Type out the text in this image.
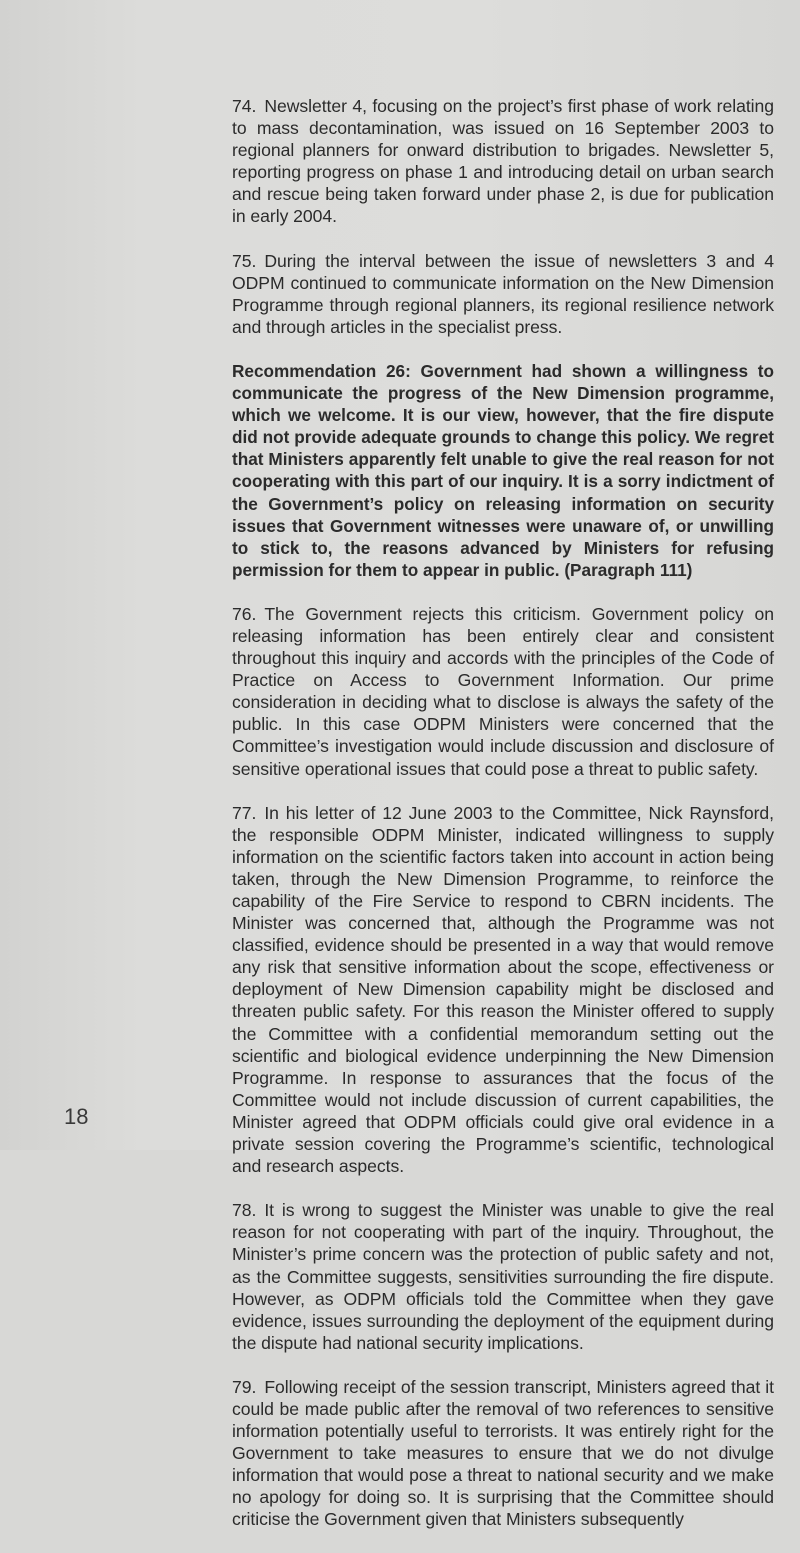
74. Newsletter 4, focusing on the project’s first phase of work relating to mass decontamination, was issued on 16 September 2003 to regional planners for onward distribution to brigades. Newsletter 5, reporting progress on phase 1 and introducing detail on urban search and rescue being taken forward under phase 2, is due for publication in early 2004.

75. During the interval between the issue of newsletters 3 and 4 ODPM continued to communicate information on the New Dimension Programme through regional planners, its regional resilience network and through articles in the specialist press.

Recommendation 26: Government had shown a willingness to communicate the progress of the New Dimension programme, which we welcome. It is our view, however, that the fire dispute did not provide adequate grounds to change this policy. We regret that Ministers apparently felt unable to give the real reason for not cooperating with this part of our inquiry. It is a sorry indictment of the Government’s policy on releasing information on security issues that Government witnesses were unaware of, or unwilling to stick to, the reasons advanced by Ministers for refusing permission for them to appear in public. (Paragraph 111)

76. The Government rejects this criticism. Government policy on releasing information has been entirely clear and consistent throughout this inquiry and accords with the principles of the Code of Practice on Access to Government Information. Our prime consideration in deciding what to disclose is always the safety of the public. In this case ODPM Ministers were concerned that the Committee’s investigation would include discussion and disclosure of sensitive operational issues that could pose a threat to public safety.

77. In his letter of 12 June 2003 to the Committee, Nick Raynsford, the responsible ODPM Minister, indicated willingness to supply information on the scientific factors taken into account in action being taken, through the New Dimension Programme, to reinforce the capability of the Fire Service to respond to CBRN incidents. The Minister was concerned that, although the Programme was not classified, evidence should be presented in a way that would remove any risk that sensitive information about the scope, effectiveness or deployment of New Dimension capability might be disclosed and threaten public safety. For this reason the Minister offered to supply the Committee with a confidential memorandum setting out the scientific and biological evidence underpinning the New Dimension Programme. In response to assurances that the focus of the Committee would not include discussion of current capabilities, the Minister agreed that ODPM officials could give oral evidence in a private session covering the Programme’s scientific, technological and research aspects.

78. It is wrong to suggest the Minister was unable to give the real reason for not cooperating with part of the inquiry. Throughout, the Minister’s prime concern was the protection of public safety and not, as the Committee suggests, sensitivities surrounding the fire dispute. However, as ODPM officials told the Committee when they gave evidence, issues surrounding the deployment of the equipment during the dispute had national security implications.

79. Following receipt of the session transcript, Ministers agreed that it could be made public after the removal of two references to sensitive information potentially useful to terrorists. It was entirely right for the Government to take measures to ensure that we do not divulge information that would pose a threat to national security and we make no apology for doing so. It is surprising that the Committee should criticise the Government given that Ministers subsequently

18
